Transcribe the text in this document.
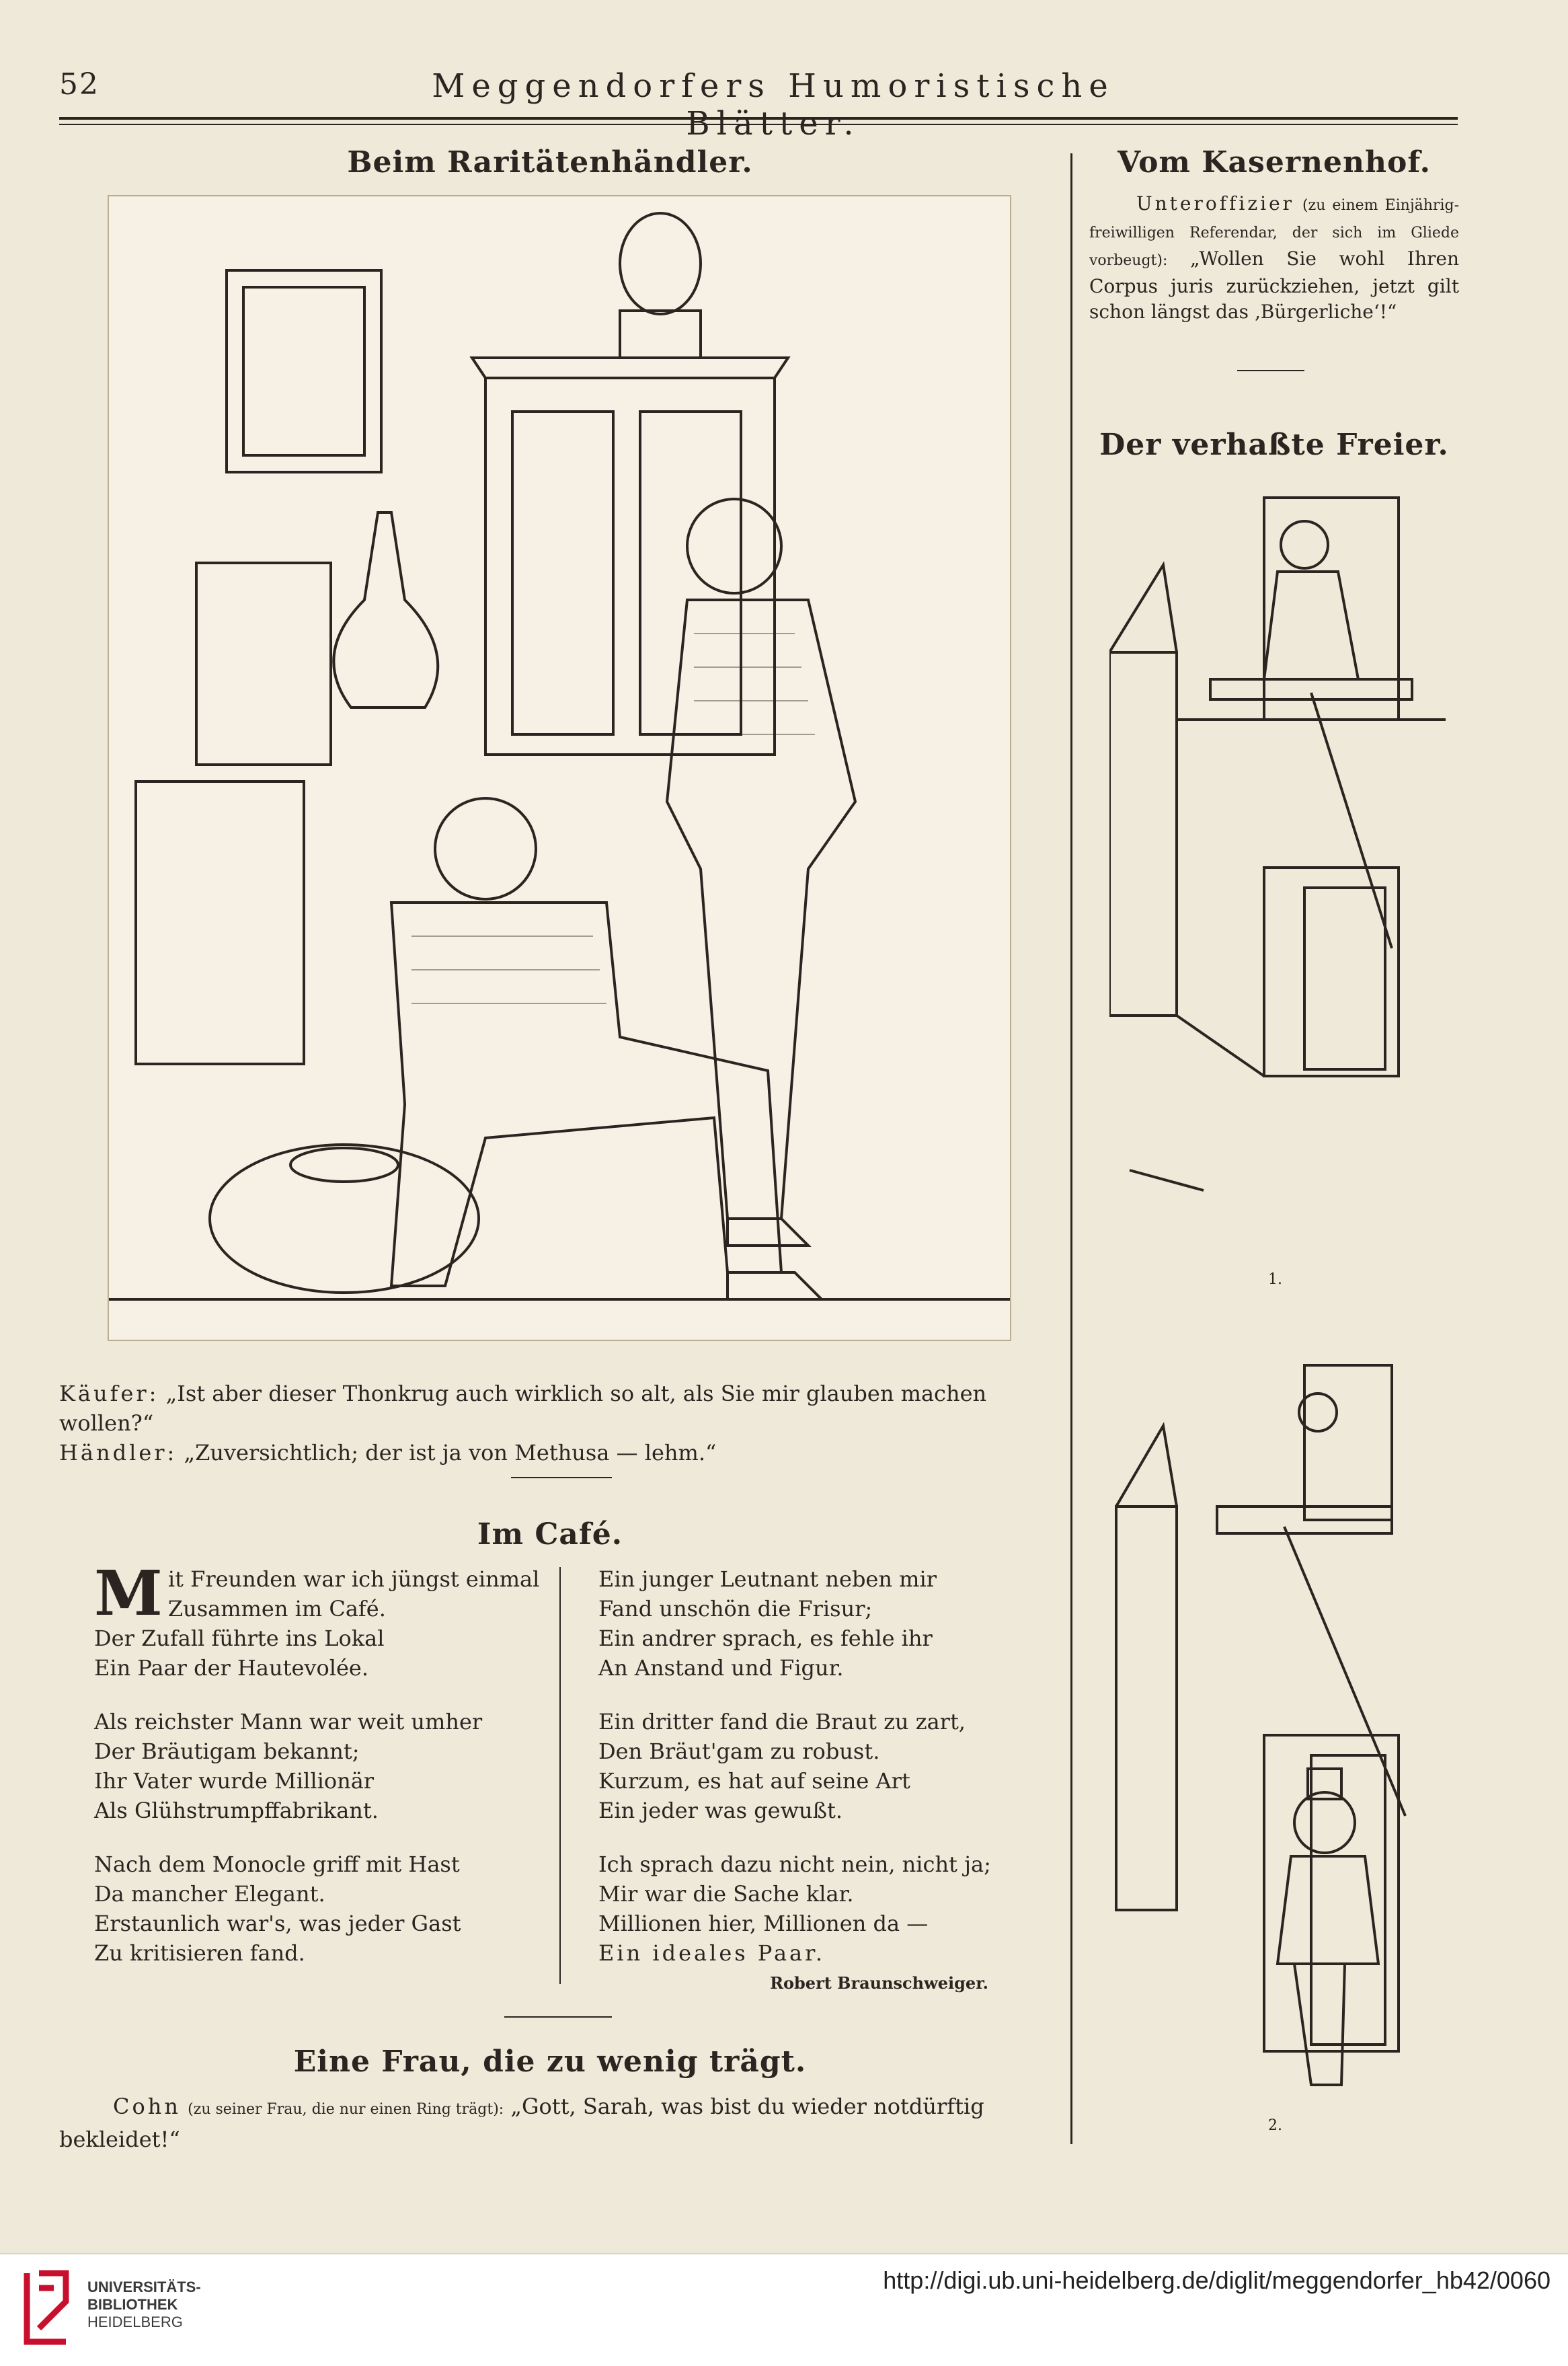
52	Meggendorfers Humoristische
Beim Raritätenhändler.
Käufer: „Ist aber dieser Thonkrug auch wirklich so alt, als Sie mir glauben machen wollen?“
Händler: „Zuversichtlich; der ist ja von Methusa — lehm.“
Im Café.
Mit Freunden war ich jüngst einmal
Zusammen im Café.
Der Zufall führte ins Lokal
Ein Paar der Hautevolée.
Als reichster Mann war weit umher
Der Bräutigam bekannt;
Ihr Vater wurde Millionär
Als Glühstrumpffabrikant.
Nach dem Monocle griff mit Hast
Da mancher Elegant.
Erstaunlich war's, was jeder Gast
Zu kritisieren fand.
Ein junger Leutnant neben mir
Fand unschön die Frisur;
Ein andrer sprach, es fehle ihr
An Anstand und Figur.
Ein dritter fand die Braut zu zart,
Den Bräut'gam zu robust.
Kurzum, es hat auf seine Art
Ein jeder was gewußt.
Ich sprach dazu nicht nein, nicht ja;
Mir war die Sache klar.
Millionen hier, Millionen da —
Ein ideales Paar.
Robert Braunschweiger.
Eine Frau, die zu wenig trägt.
Cohn (zu seiner Frau, die nur einen Ring trägt): „Gott, Sarah, was bist du wieder notdürftig bekleidet!“
Vom Kasernenhof.
Unteroffizier (zu einem Einjährig-freiwilligen Referendar, der sich im Gliede vorbeugt): „Wollen Sie wohl Ihren Corpus juris zurückziehen, jetzt gilt schon längst das ‚Bürgerliche‘!“
Der verhaßte Freier.
1.
2.
UNIVERSITÄTS-
BIBLIOTHEK
HEIDELBERG
http://digi.ub.uni-heidelberg.de/diglit/meggendorfer_hb42/0060
